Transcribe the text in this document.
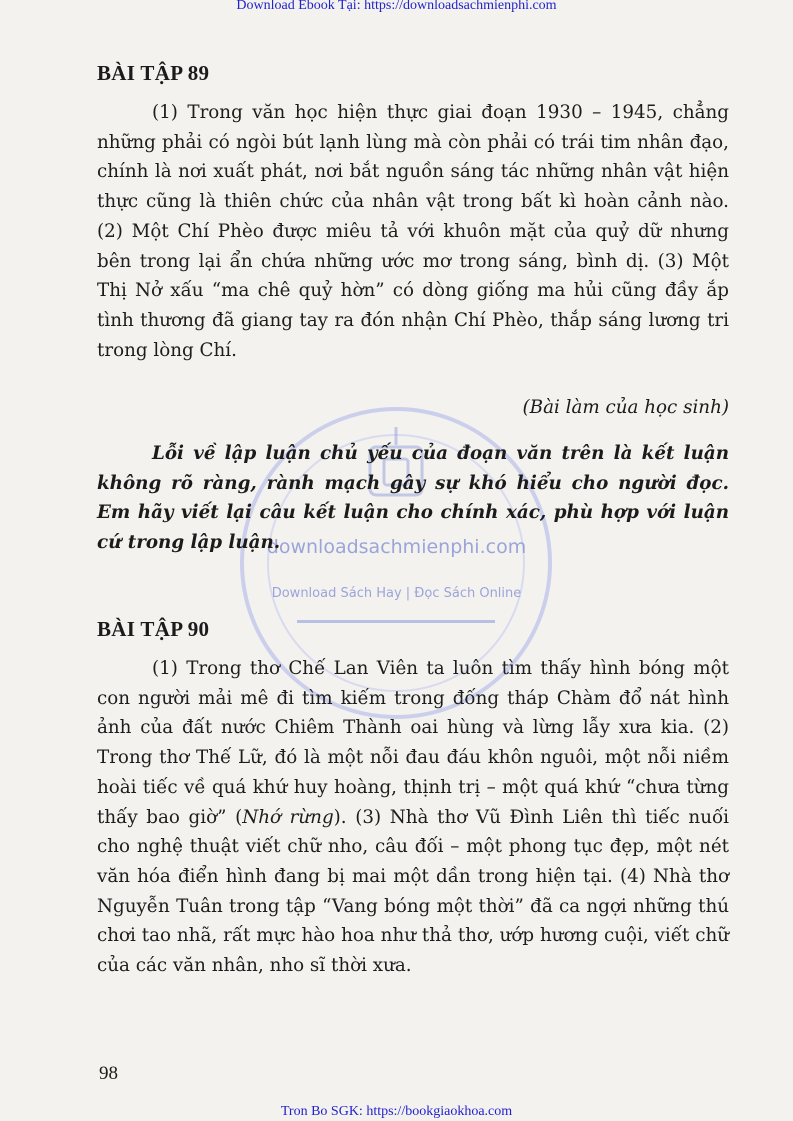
Download Ebook Tại: https://downloadsachmienphi.com
downloadsachmienphi.com
Download Sách Hay | Đọc Sách Online
BÀI TẬP 89

(1) Trong văn học hiện thực giai đoạn 1930 – 1945, chẳng những phải có ngòi bút lạnh lùng mà còn phải có trái tim nhân đạo, chính là nơi xuất phát, nơi bắt nguồn sáng tác những nhân vật hiện thực cũng là thiên chức của nhân vật trong bất kì hoàn cảnh nào. (2) Một Chí Phèo được miêu tả với khuôn mặt của quỷ dữ nhưng bên trong lại ẩn chứa những ước mơ trong sáng, bình dị. (3) Một Thị Nở xấu “ma chê quỷ hờn” có dòng giống ma hủi cũng đầy ắp tình thương đã giang tay ra đón nhận Chí Phèo, thắp sáng lương tri trong lòng Chí.

(Bài làm của học sinh)

Lỗi về lập luận chủ yếu của đoạn văn trên là kết luận không rõ ràng, rành mạch gây sự khó hiểu cho người đọc. Em hãy viết lại câu kết luận cho chính xác, phù hợp với luận cứ trong lập luận.

BÀI TẬP 90

(1) Trong thơ Chế Lan Viên ta luôn tìm thấy hình bóng một con người mải mê đi tìm kiếm trong đống tháp Chàm đổ nát hình ảnh của đất nước Chiêm Thành oai hùng và lừng lẫy xưa kia. (2) Trong thơ Thế Lữ, đó là một nỗi đau đáu khôn nguôi, một nỗi niềm hoài tiếc về quá khứ huy hoàng, thịnh trị – một quá khứ “chưa từng thấy bao giờ” (Nhớ rừng). (3) Nhà thơ Vũ Đình Liên thì tiếc nuối cho nghệ thuật viết chữ nho, câu đối – một phong tục đẹp, một nét văn hóa điển hình đang bị mai một dần trong hiện tại. (4) Nhà thơ Nguyễn Tuân trong tập “Vang bóng một thời” đã ca ngợi những thú chơi tao nhã, rất mực hào hoa như thả thơ, ướp hương cuội, viết chữ của các văn nhân, nho sĩ thời xưa.

98
Tron Bo SGK: https://bookgiaokhoa.com
